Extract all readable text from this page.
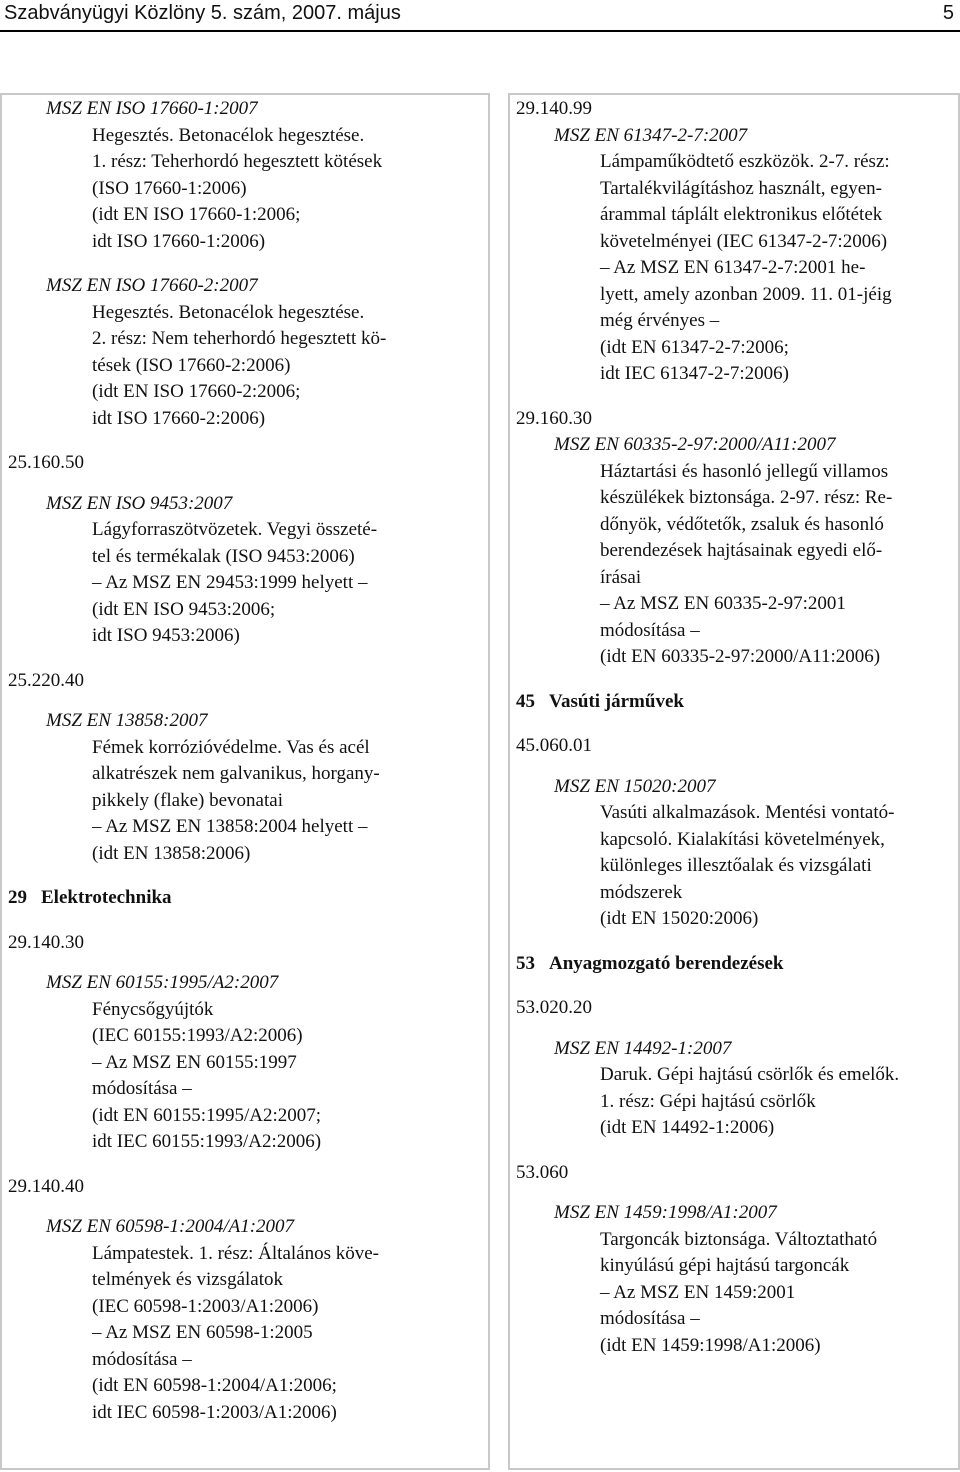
Szabványügyi Közlöny 5. szám, 2007. május	5
MSZ EN ISO 17660-1:2007
Hegesztés. Betonacélok hegesztése.
1. rész: Teherhordó hegesztett kötések
(ISO 17660-1:2006)
(idt EN ISO 17660-1:2006;
idt ISO 17660-1:2006)
MSZ EN ISO 17660-2:2007
Hegesztés. Betonacélok hegesztése.
2. rész: Nem teherhordó hegesztett kö-
tések (ISO 17660-2:2006)
(idt EN ISO 17660-2:2006;
idt ISO 17660-2:2006)
25.160.50
MSZ EN ISO 9453:2007
Lágyforraszötvözetek. Vegyi összeté-
tel és termékalak (ISO 9453:2006)
– Az MSZ EN 29453:1999 helyett –
(idt EN ISO 9453:2006;
idt ISO 9453:2006)
25.220.40
MSZ EN 13858:2007
Fémek korrózióvédelme. Vas és acél
alkatrészek nem galvanikus, horgany-
pikkely (flake) bevonatai
– Az MSZ EN 13858:2004 helyett –
(idt EN 13858:2006)
29 Elektrotechnika
29.140.30
MSZ EN 60155:1995/A2:2007
Fénycsőgyújtók
(IEC 60155:1993/A2:2006)
– Az MSZ EN 60155:1997
módosítása –
(idt EN 60155:1995/A2:2007;
idt IEC 60155:1993/A2:2006)
29.140.40
MSZ EN 60598-1:2004/A1:2007
Lámpatestek. 1. rész: Általános köve-
telmények és vizsgálatok
(IEC 60598-1:2003/A1:2006)
– Az MSZ EN 60598-1:2005
módosítása –
(idt EN 60598-1:2004/A1:2006;
idt IEC 60598-1:2003/A1:2006)
29.140.99
MSZ EN 61347-2-7:2007
Lámpaműködtető eszközök. 2-7. rész:
Tartalékvilágításhoz használt, egyen-
árammal táplált elektronikus előtétek
követelményei (IEC 61347-2-7:2006)
– Az MSZ EN 61347-2-7:2001 he-
lyett, amely azonban 2009. 11. 01-jéig
még érvényes –
(idt EN 61347-2-7:2006;
idt IEC 61347-2-7:2006)
29.160.30
MSZ EN 60335-2-97:2000/A11:2007
Háztartási és hasonló jellegű villamos
készülékek biztonsága. 2-97. rész: Re-
dőnyök, védőtetők, zsaluk és hasonló
berendezések hajtásainak egyedi elő-
írásai
– Az MSZ EN 60335-2-97:2001
módosítása –
(idt EN 60335-2-97:2000/A11:2006)
45 Vasúti járművek
45.060.01
MSZ EN 15020:2007
Vasúti alkalmazások. Mentési vontató-
kapcsoló. Kialakítási követelmények,
különleges illesztőalak és vizsgálati
módszerek
(idt EN 15020:2006)
53 Anyagmozgató berendezések
53.020.20
MSZ EN 14492-1:2007
Daruk. Gépi hajtású csörlők és emelők.
1. rész: Gépi hajtású csörlők
(idt EN 14492-1:2006)
53.060
MSZ EN 1459:1998/A1:2007
Targoncák biztonsága. Változtatható
kinyúlású gépi hajtású targoncák
– Az MSZ EN 1459:2001
módosítása –
(idt EN 1459:1998/A1:2006)
